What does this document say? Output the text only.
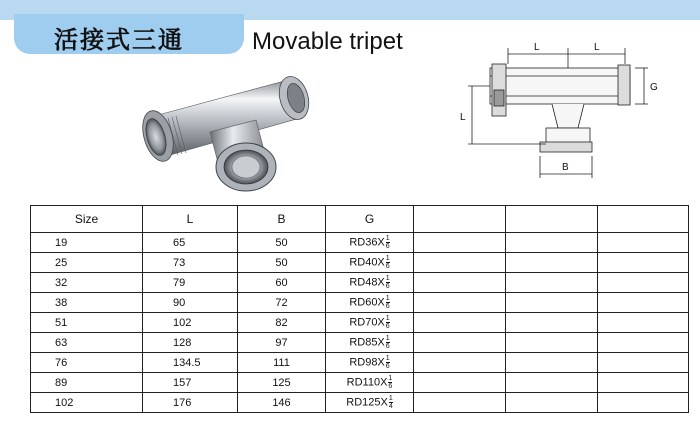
活接式三通	Movable tripet	L	L
L
G
B
Size	L	B	G			
19	65	50	$RD36X \frac{1}{6}$

25	73	50	$RD40X \frac{1}{6}$

32	79	60	$RD48X \frac{1}{6}$

38	90	72	$RD60X \frac{1}{6}$

51	102	82	$RD70X \frac{1}{6}$

63	128	97	$RD85X \frac{1}{6}$

76	134.5	111	$RD98X \frac{1}{6}$

89	157	125	$RD110X \frac{1}{6}$

102	176	146	$RD125X \frac{1}{4}$
